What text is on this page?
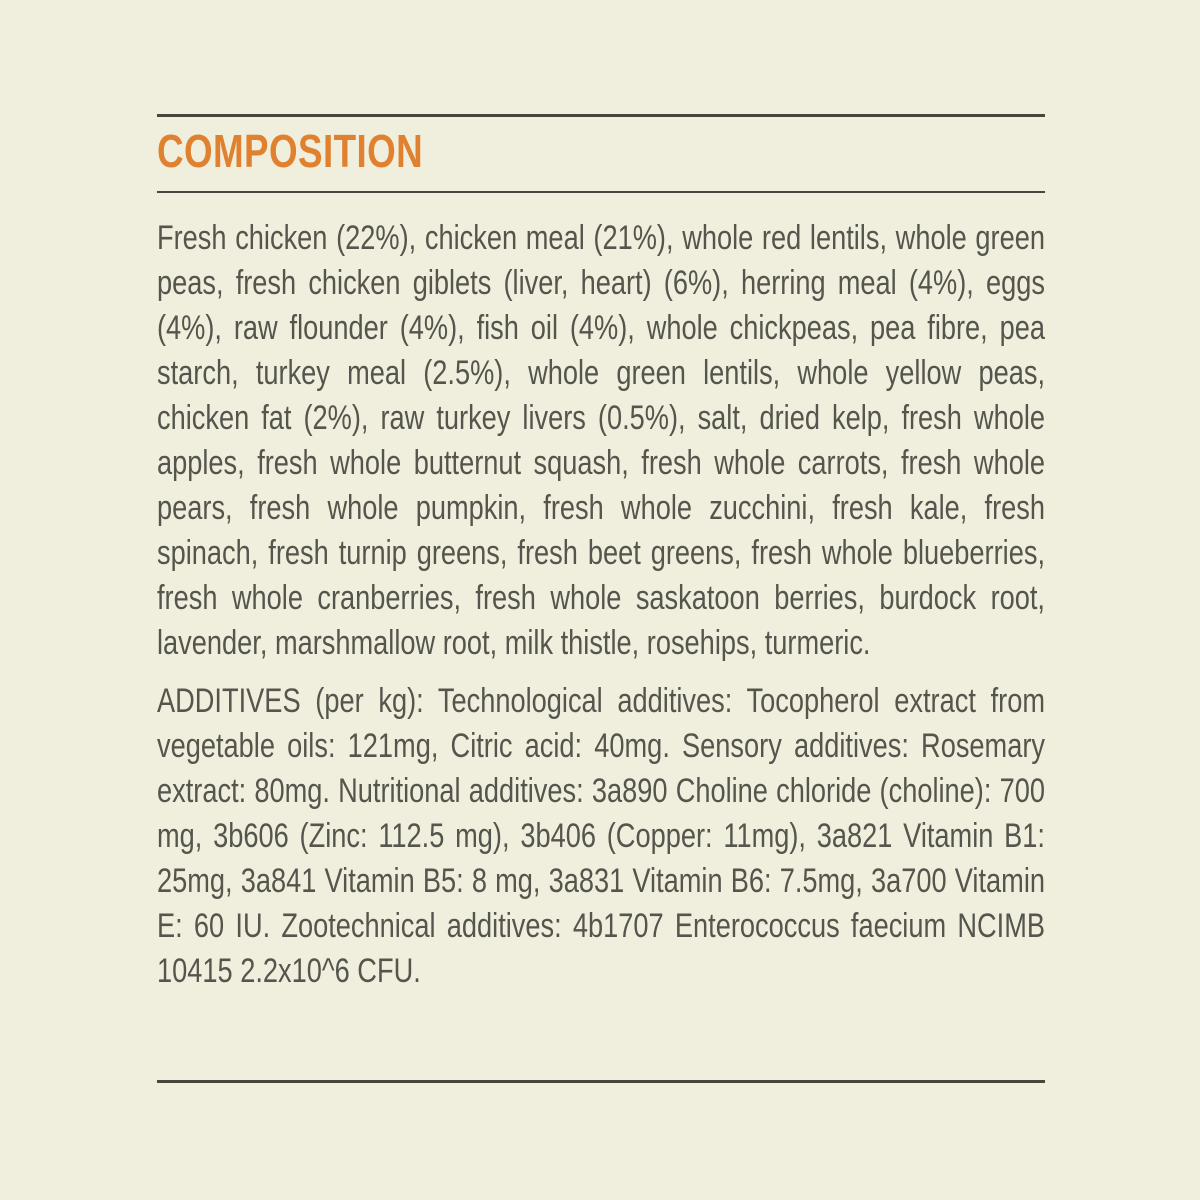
COMPOSITION

Fresh chicken (22%), chicken meal (21%), whole red lentils, whole green peas, fresh chicken giblets (liver, heart) (6%), herring meal (4%), eggs (4%), raw flounder (4%), fish oil (4%), whole chickpeas, pea fibre, pea starch, turkey meal (2.5%), whole green lentils, whole yellow peas, chicken fat (2%), raw turkey livers (0.5%), salt, dried kelp, fresh whole apples, fresh whole butternut squash, fresh whole carrots, fresh whole pears, fresh whole pumpkin, fresh whole zucchini, fresh kale, fresh spinach, fresh turnip greens, fresh beet greens, fresh whole blueberries, fresh whole cranberries, fresh whole saskatoon berries, burdock root, lavender, marshmallow root, milk thistle, rosehips, turmeric.

ADDITIVES (per kg): Technological additives: Tocopherol extract from vegetable oils: 121mg, Citric acid: 40mg. Sensory additives: Rosemary extract: 80mg. Nutritional additives: 3a890 Choline chloride (choline): 700 mg, 3b606 (Zinc: 112.5 mg), 3b406 (Copper: 11mg), 3a821 Vitamin B1: 25mg, 3a841 Vitamin B5: 8 mg, 3a831 Vitamin B6: 7.5mg, 3a700 Vitamin E: 60 IU. Zootechnical additives: 4b1707 Enterococcus faecium NCIMB 10415 2.2x10^6 CFU.
